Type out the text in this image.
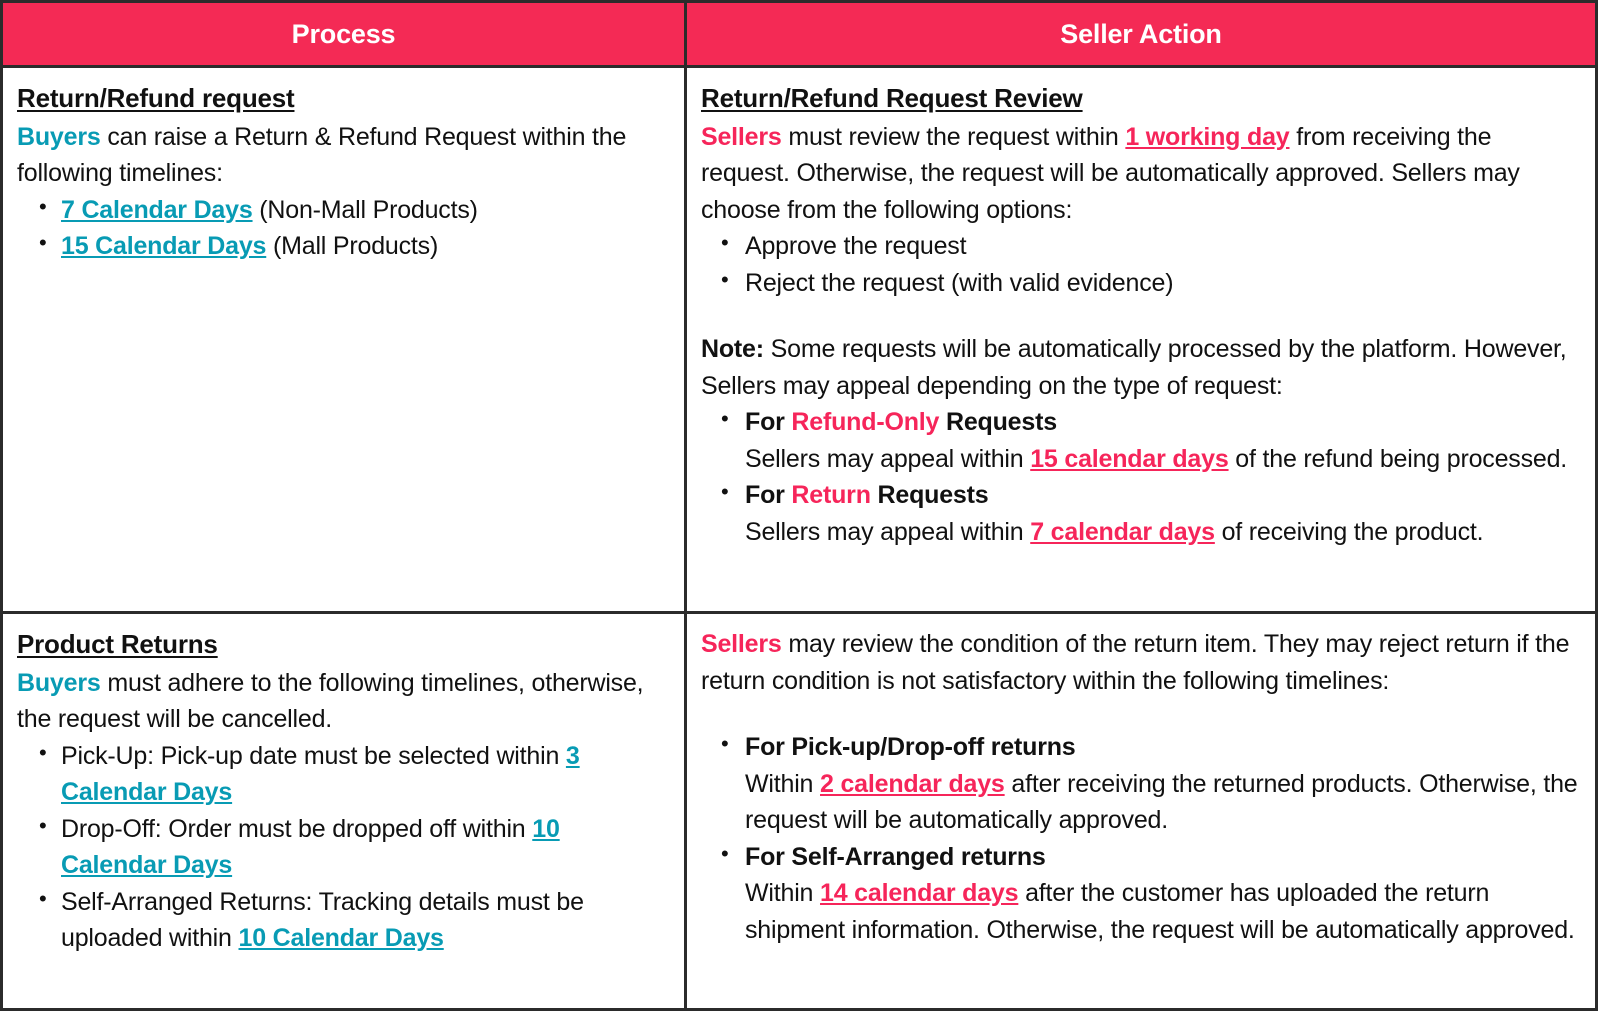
Process	Seller Action
Return/Refund request

Buyers can raise a Return & Refund Request within the following timelines:

• 7 Calendar Days (Non-Mall Products)
• 15 Calendar Days (Mall Products)
Return/Refund Request Review

Sellers must review the request within 1 working day from receiving the request. Otherwise, the request will be automatically approved. Sellers may choose from the following options:

• Approve the request
• Reject the request (with valid evidence)

Note: Some requests will be automatically processed by the platform. However, Sellers may appeal depending on the type of request:

• For Refund-Only Requests
Sellers may appeal within 15 calendar days of the refund being processed.
• For Return Requests
Sellers may appeal within 7 calendar days of receiving the product.
Product Returns

Buyers must adhere to the following timelines, otherwise, the request will be cancelled.

• Pick-Up: Pick-up date must be selected within 3 Calendar Days
• Drop-Off: Order must be dropped off within 10 Calendar Days
• Self-Arranged Returns: Tracking details must be uploaded within 10 Calendar Days

Sellers may review the condition of the return item. They may reject return if the return condition is not satisfactory within the following timelines:

• For Pick-up/Drop-off returns
Within 2 calendar days after receiving the returned products. Otherwise, the request will be automatically approved.
• For Self-Arranged returns
Within 14 calendar days after the customer has uploaded the return shipment information. Otherwise, the request will be automatically approved.
